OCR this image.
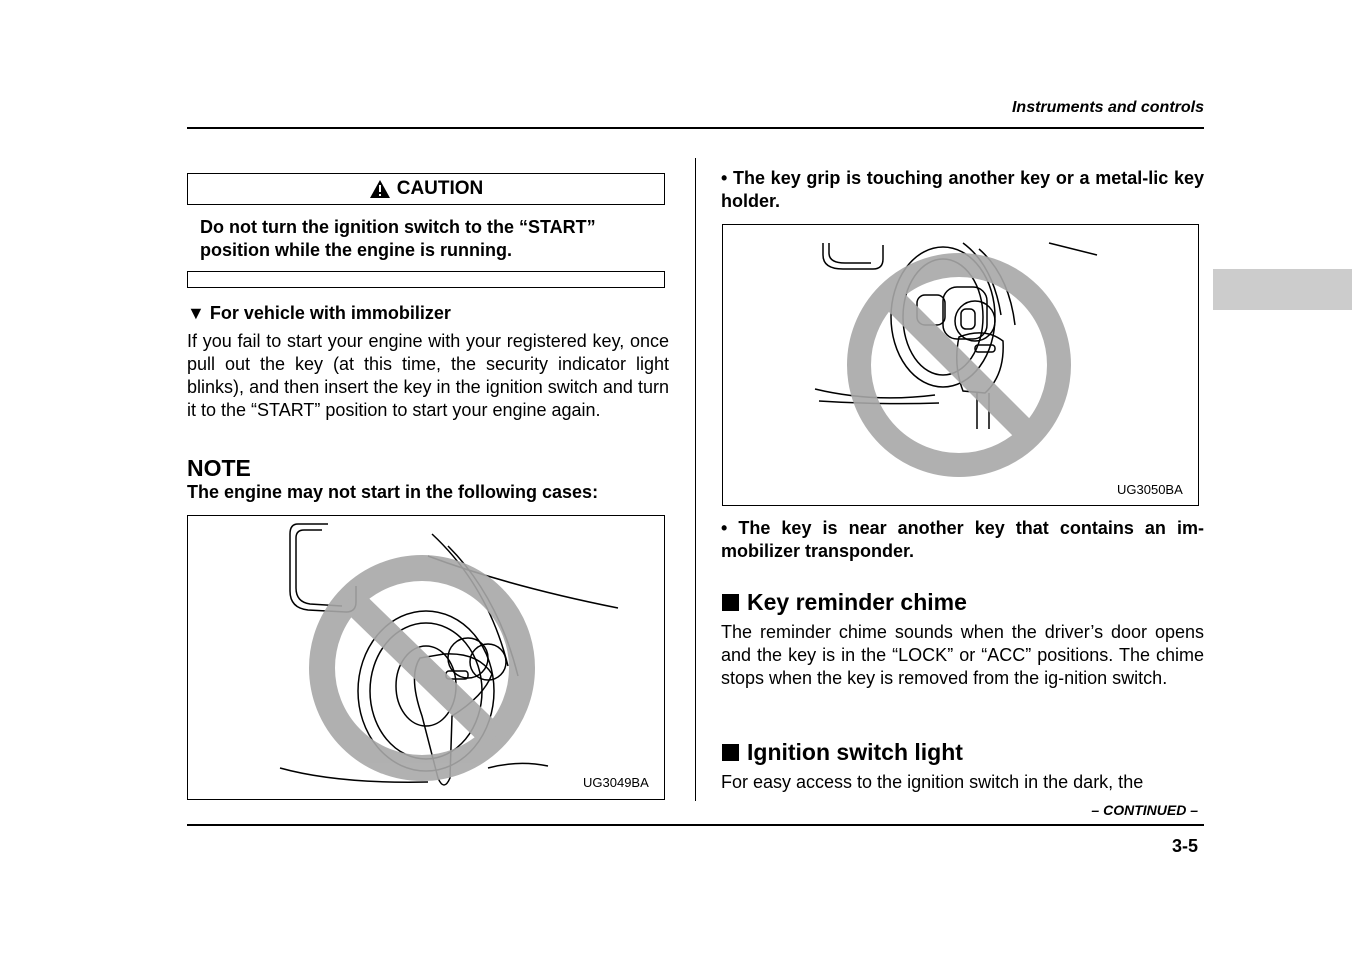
Instruments and controls
CAUTION
Do not turn the ignition switch to the “START” position while the engine is running.
▼ For vehicle with immobilizer
If you fail to start your engine with your registered key, once pull out the key (at this time, the security indicator light blinks), and then insert the key in the ignition switch and turn it to the “START” position to start your engine again.
NOTE
The engine may not start in the following cases:
UG3049BA
• The key grip is touching another key or a metal-lic key holder.
UG3050BA
• The key is near another key that contains an im-mobilizer transponder.
Key reminder chime
The reminder chime sounds when the driver’s door opens and the key is in the “LOCK” or “ACC” positions. The chime stops when the key is removed from the ig-nition switch.
Ignition switch light
For easy access to the ignition switch in the dark, the
– CONTINUED –
3-5
